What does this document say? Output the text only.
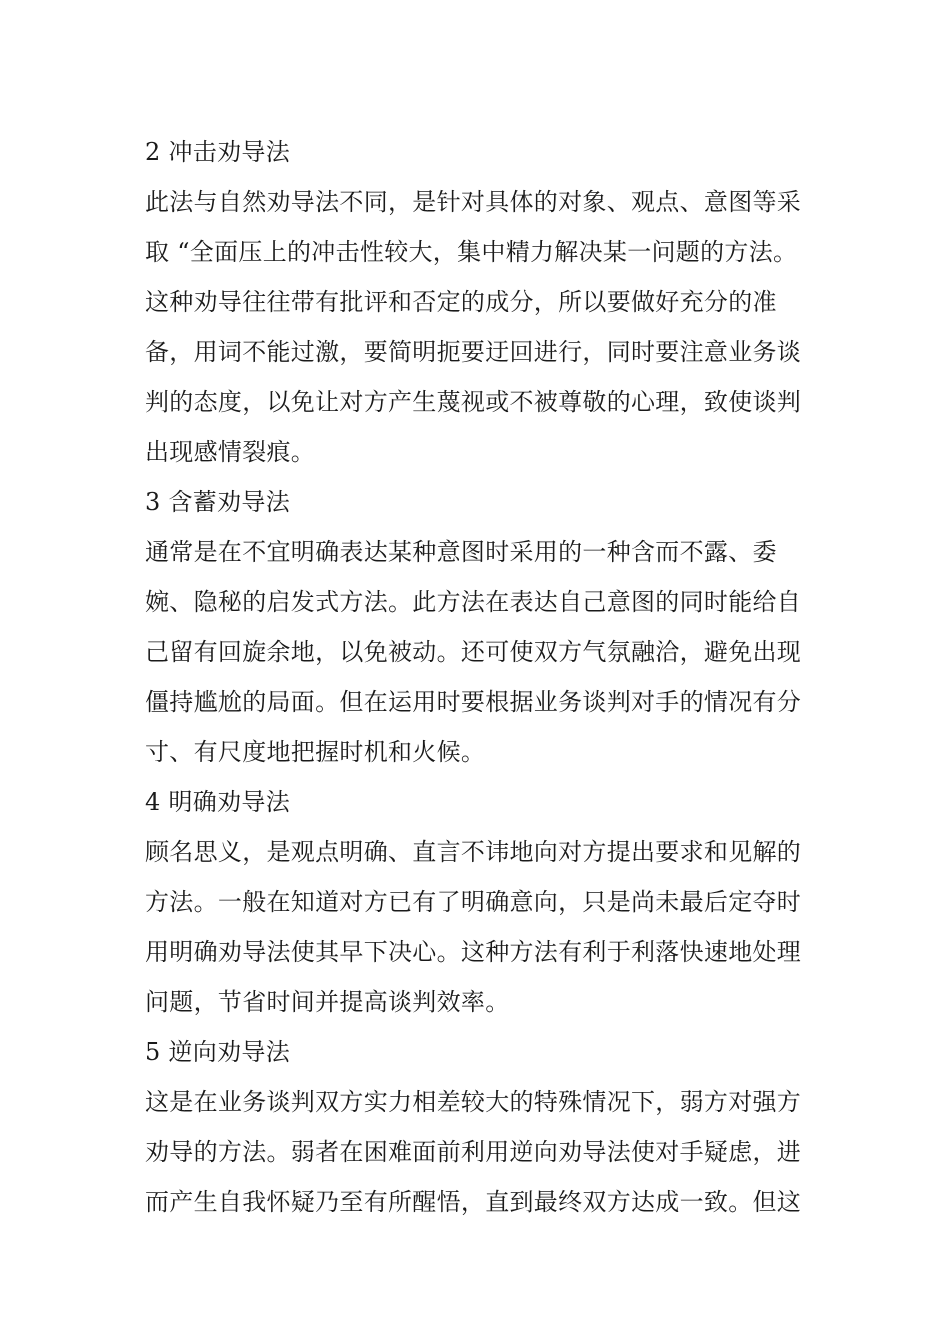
2 冲击劝导法
此法与自然劝导法不同，是针对具体的对象、观点、意图等采
取 “全面压上的冲击性较大，集中精力解决某一问题的方法。
这种劝导往往带有批评和否定的成分，所以要做好充分的准
备，用词不能过激，要简明扼要迂回进行，同时要注意业务谈
判的态度，以免让对方产生蔑视或不被尊敬的心理，致使谈判
出现感情裂痕。
3 含蓄劝导法
通常是在不宜明确表达某种意图时采用的一种含而不露、委
婉、隐秘的启发式方法。此方法在表达自己意图的同时能给自
己留有回旋余地，以免被动。还可使双方气氛融洽，避免出现
僵持尴尬的局面。但在运用时要根据业务谈判对手的情况有分
寸、有尺度地把握时机和火候。
4 明确劝导法
顾名思义，是观点明确、直言不讳地向对方提出要求和见解的
方法。一般在知道对方已有了明确意向，只是尚未最后定夺时
用明确劝导法使其早下决心。这种方法有利于利落快速地处理
问题，节省时间并提高谈判效率。
5 逆向劝导法
这是在业务谈判双方实力相差较大的特殊情况下，弱方对强方
劝导的方法。弱者在困难面前利用逆向劝导法使对手疑虑，进
而产生自我怀疑乃至有所醒悟，直到最终双方达成一致。但这
